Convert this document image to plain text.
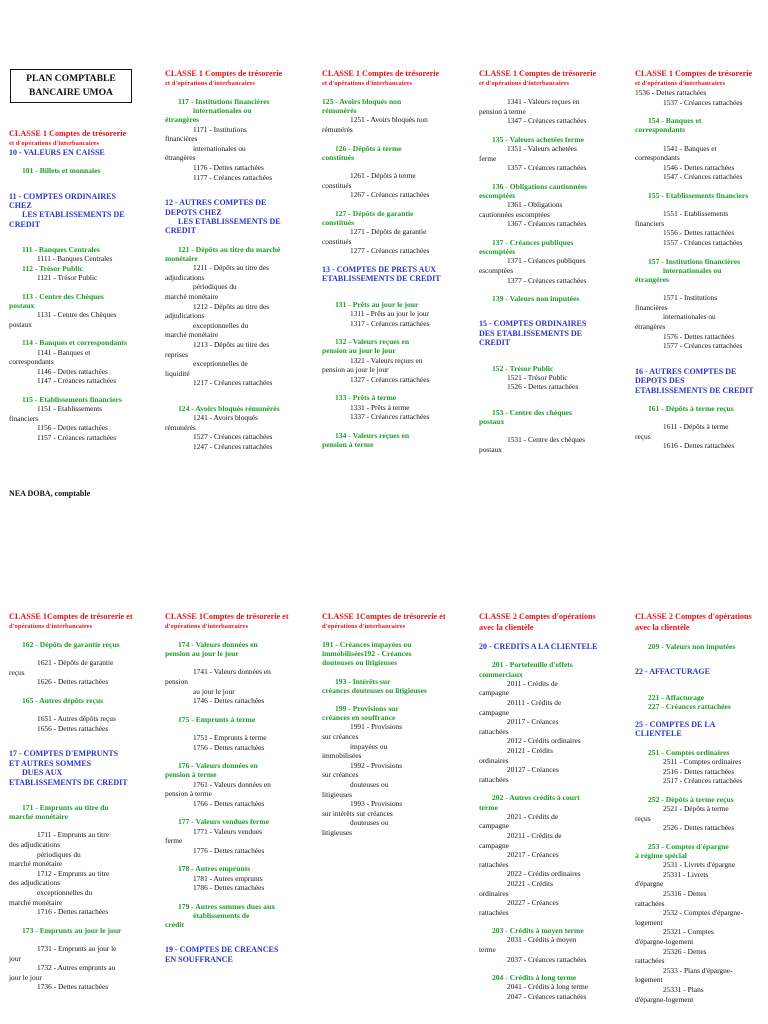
PLAN COMPTABLE
BANCAIRE UMOA
CLASSE 1 Comptes de trésorerie
et d'opérations d'interbancaires
10 - VALEURS EN CAISSE
101 - Billets et monnaies
11 - COMPTES ORDINAIRES
CHEZ
LES ETABLISSEMENTS DE
CREDIT
111 - Banques Centrales
1111 - Banques Centrales
112 - Trésor Public
1121 - Trésor Public
113 - Centre des Chèques
postaux
1131 - Centre des Chèques
postaux
114 - Banques et correspondants
1141 - Banques et
correspondants
1146 - Dettes rattachées
1147 - Créances rattachées
115 - Etablissements financiers
1151 - Etablissements
financiers
1156 - Dettes rattachées
1157 - Créances rattachées
CLASSE 1 Comptes de trésorerie
et d'opérations d'interbancaires
117 - Institutions financières
internationales ou
étrangères
1171 - Institutions
financières
internationales ou
étrangères
1176 - Dettes rattachées
1177 - Créances rattachées
12 - AUTRES COMPTES DE
DEPOTS CHEZ
LES ETABLISSEMENTS DE
CREDIT
121 - Dépôts au titre du marché
monétaire
1211 - Dépôts au titre des
adjudications
périodiques du
marché monétaire
1212 - Dépôts au titre des
adjudications
exceptionnelles du
marché monétaire
1213 - Dépôts au titre des
reprises
exceptionnelles de
liquidité
1217 - Créances rattachées
124 - Avoirs bloqués rémunérés
1241 - Avoirs bloqués
rémunérés
1527 - Créances rattachées
1247 - Créances rattachées
CLASSE 1 Comptes de trésorerie
et d'opérations d'interbancaires
125 - Avoirs bloqués non
rémunérés
1251 - Avoirs bloqués non
rémunérés
126 - Dépôts à terme
constitués
1261 - Dépôts à terme
constitués
1267 - Créances rattachées
127 - Dépôts de garantie
constitués
1271 - Dépôts de garantie
constitués
1277 - Créances rattachées
13 - COMPTES DE PRETS AUX
ETABLISSEMENTS DE CREDIT
131 - Prêts au jour le jour
1311 - Prêts au jour le jour
1317 - Créances rattachées
132 - Valeurs reçues en
pension au jour le jour
1321 - Valeurs reçues en
pension au jour le jour
1327 - Créances rattachées
133 - Prêts à terme
1331 - Prêts à terme
1337 - Créances rattachées
134 - Valeurs reçues en
pension à terme
CLASSE 1 Comptes de trésorerie
et d'opérations d'interbancaires
1341 - Valeurs reçues en
pension à terme
1347 - Créances rattachées
135 - Valeurs achetées ferme
1351 - Valeurs achetées
ferme
1357 - Créances rattachées
136 - Obligations cautionnées
escomptées
1361 - Obligations
cautionnées escomptées
1367 - Créances rattachées
137 - Créances publiques
escomptées
1371 - Créances publiques
escomptées
1377 - Créances rattachées
139 - Valeurs non imputées
15 - COMPTES ORDINAIRES
DES ETABLISSEMENTS DE
CREDIT
152 - Trésor Public
1521 - Trésor Public
1526 - Dettes rattachées
153 - Centre des chèques
postaux
1531 - Centre des chèques
postaux
CLASSE 1 Comptes de trésorerie
et d'opérations d'interbancaires
1536 - Dettes rattachées
1537 - Créances rattachées
154 - Banques et
correspondants
1541 - Banques et
correspondants
1546 - Dettes rattachées
1547 - Créances rattachées
155 - Etablissements financiers
1551 - Etablissements
financiers
1556 - Dettes rattachées
1557 - Créances rattachées
157 - Institutions financières
internationales ou
étrangères
1571 - Institutions
financières
internationales ou
étrangères
1576 - Dettes rattachées
1577 - Créances rattachées
16 - AUTRES COMPTES DE
DEPOTS DES
ETABLISSEMENTS DE CREDIT
161 - Dépôts à terme reçus
1611 - Dépôts à terme
reçus
1616 - Dettes rattachées
NEA DOBA, comptable
CLASSE 1Comptes de trésorerie et
d'opérations d'interbancaires
162 - Dépôts de garantie reçus
1621 - Dépôts de garantie
reçus
1626 - Dettes rattachées
165 - Autres dépôts reçus
1651 - Autres dépôts reçus
1656 - Dettes rattachées
17 - COMPTES D'EMPRUNTS
ET AUTRES SOMMES
DUES AUX
ETABLISSEMENTS DE CREDIT
171 - Emprunts au titre du
marché monétaire
1711 - Emprunts au titre
des adjudications
périodiques du
marché monétaire
1712 - Emprunts au titre
des adjudications
exceptionnelles du
marché monétaire
1716 - Dettes rattachées
173 - Emprunts au jour le jour
1731 - Emprunts au jour le
jour
1732 - Autres emprunts au
jour le jour
1736 - Dettes rattachées
CLASSE 1Comptes de trésorerie et
d'opérations d'interbancaires
174 - Valeurs données en
pension au jour le jour
1741 - Valeurs données en
pension
au jour le jour
1746 - Dettes rattachées
175 - Emprunts à terme
1751 - Emprunts à terme
1756 - Dettes rattachées
176 - Valeurs données en
pension à terme
1761 - Valeurs données en
pension à terme
1766 - Dettes rattachées
177 - Valeurs vendues ferme
1771 - Valeurs vendues
ferme
1776 - Dettes rattachées
178 - Autres emprunts
1781 - Autres emprunts
1786 - Dettes rattachées
179 - Autres sommes dues aux
établissements de
crédit
19 - COMPTES DE CREANCES
EN SOUFFRANCE
CLASSE 1Comptes de trésorerie et
d'opérations d'interbancaires
191 - Créances impayées ou
immobilisées192 - Créances
douteuses ou litigieuses
193 - Intérêts sur
créances douteuses ou litigieuses
199 - Provisions sur
créances en souffrance
1991 - Provisions
sur créances
impayées ou
immobilisées
1992 - Provisions
sur créances
douteuses ou
litigieuses
1993 - Provisions
sur intérêts sur créances
douteuses ou
litigieuses
CLASSE 2 Comptes d'opérations
avec la clientèle
20 - CREDITS A LA CLIENTELE
201 - Portefeuille d'effets
commerciaux
2011 - Crédits de
campagne
20111 - Crédits de
campagne
20117 - Créances
rattachées
2012 - Crédits ordinaires
20121 - Crédits
ordinaires
20127 - Créances
rattachées
202 - Autres crédits à court
terme
2021 - Crédits de
campagne
20211 - Crédits de
campagne
20217 - Créances
rattachées
2022 - Crédits ordinaires
20221 - Crédits
ordinaires
20227 - Créances
rattachées
203 - Crédits à moyen terme
2031 - Crédits à moyen
terme
2037 - Créances rattachées
204 - Crédits à long terme
2041 - Crédits à long terme
2047 - Créances rattachées
CLASSE 2 Comptes d'opérations
avec la clientèle
209 - Valeurs non imputées
22 - AFFACTURAGE
221 - Affacturage
227 - Créances rattachées
25 - COMPTES DE LA
CLIENTELE
251 - Comptes ordinaires
2511 - Comptes ordinaires
2516 - Dettes rattachées
2517 - Créances rattachées
252 - Dépôts à terme reçus
2521 - Dépôts à terme
reçus
2526 - Dettes rattachées
253 - Comptes d'épargne
à régime spécial
2531 - Livrets d'épargne
25311 - Livrets
d'épargne
25316 - Dettes
rattachées
2532 - Comptes d'épargne-
logement
25321 - Comptes
d'épargne-logement
25326 - Dettes
rattachées
2533 - Plans d'épargne-
logement
25331 - Plans
d'épargne-logement
